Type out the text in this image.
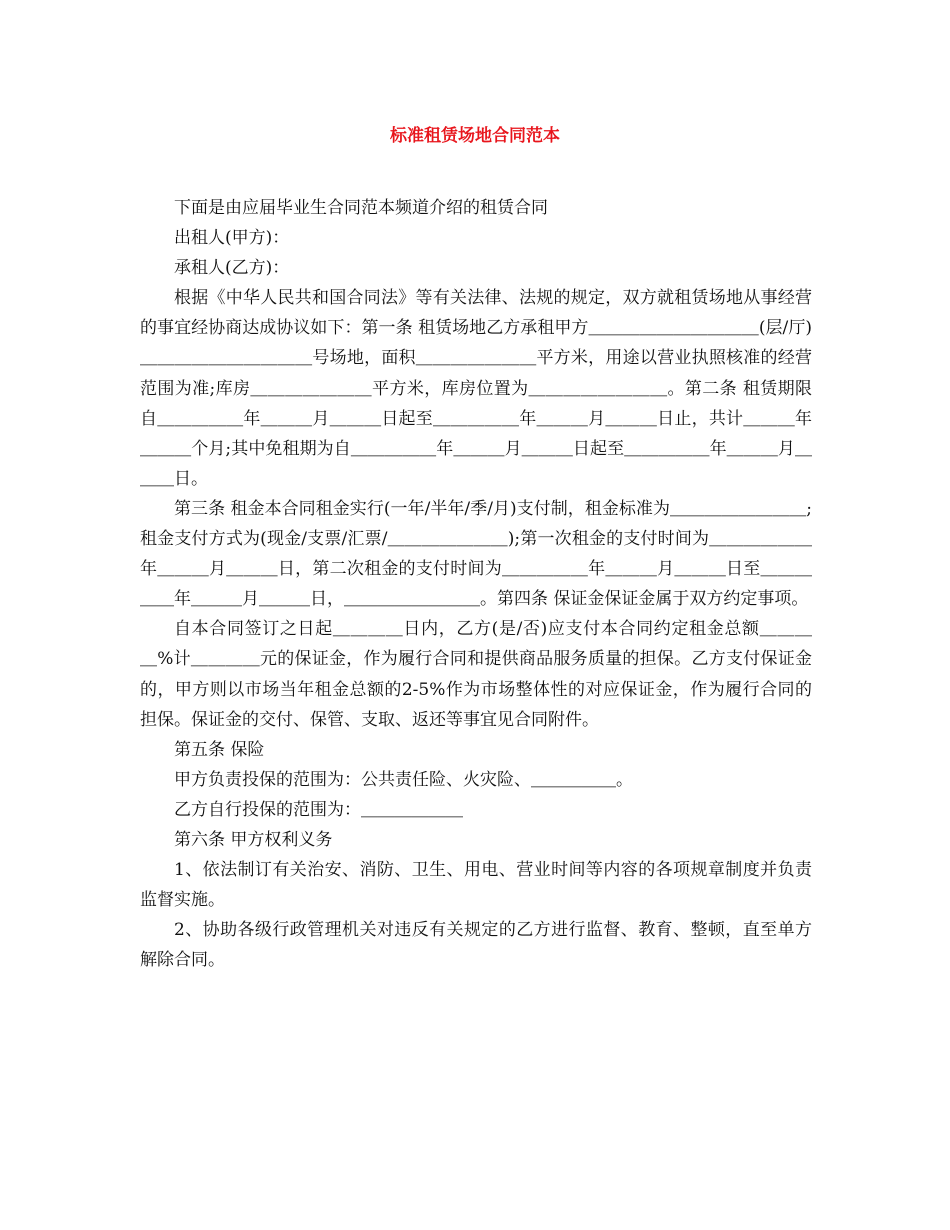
标准租赁场地合同范本

下面是由应届毕业生合同范本频道介绍的租赁合同

出租人(甲方)：

承租人(乙方)：

根据《中华人民共和国合同法》等有关法律、法规的规定，双方就租赁场地从事经营的事宜经协商达成协议如下：第一条 租赁场地乙方承租甲方＿＿＿＿＿＿＿＿＿＿(层/厅)＿＿＿＿＿＿＿＿＿＿号场地，面积＿＿＿＿＿＿＿平方米，用途以营业执照核准的经营范围为准;库房＿＿＿＿＿＿＿平方米，库房位置为＿＿＿＿＿＿＿＿。第二条 租赁期限自＿＿＿＿＿年＿＿＿月＿＿＿日起至＿＿＿＿＿年＿＿＿月＿＿＿日止，共计＿＿＿年＿＿＿个月;其中免租期为自＿＿＿＿＿年＿＿＿月＿＿＿日起至＿＿＿＿＿年＿＿＿月＿＿＿日。

第三条 租金本合同租金实行(一年/半年/季/月)支付制，租金标准为＿＿＿＿＿＿＿＿;租金支付方式为(现金/支票/汇票/＿＿＿＿＿＿＿);第一次租金的支付时间为＿＿＿＿＿＿年＿＿＿月＿＿＿日，第二次租金的支付时间为＿＿＿＿＿年＿＿＿月＿＿＿日至＿＿＿＿＿年＿＿＿月＿＿＿日，＿＿＿＿＿＿＿＿。第四条 保证金保证金属于双方约定事项。

自本合同签订之日起＿＿＿＿日内，乙方(是/否)应支付本合同约定租金总额＿＿＿＿%计＿＿＿＿元的保证金，作为履行合同和提供商品服务质量的担保。乙方支付保证金的，甲方则以市场当年租金总额的2-5%作为市场整体性的对应保证金，作为履行合同的担保。保证金的交付、保管、支取、返还等事宜见合同附件。

第五条 保险

甲方负责投保的范围为：公共责任险、火灾险、＿＿＿＿＿。

乙方自行投保的范围为：＿＿＿＿＿＿

第六条 甲方权利义务

1、依法制订有关治安、消防、卫生、用电、营业时间等内容的各项规章制度并负责监督实施。

2、协助各级行政管理机关对违反有关规定的乙方进行监督、教育、整顿，直至单方解除合同。
